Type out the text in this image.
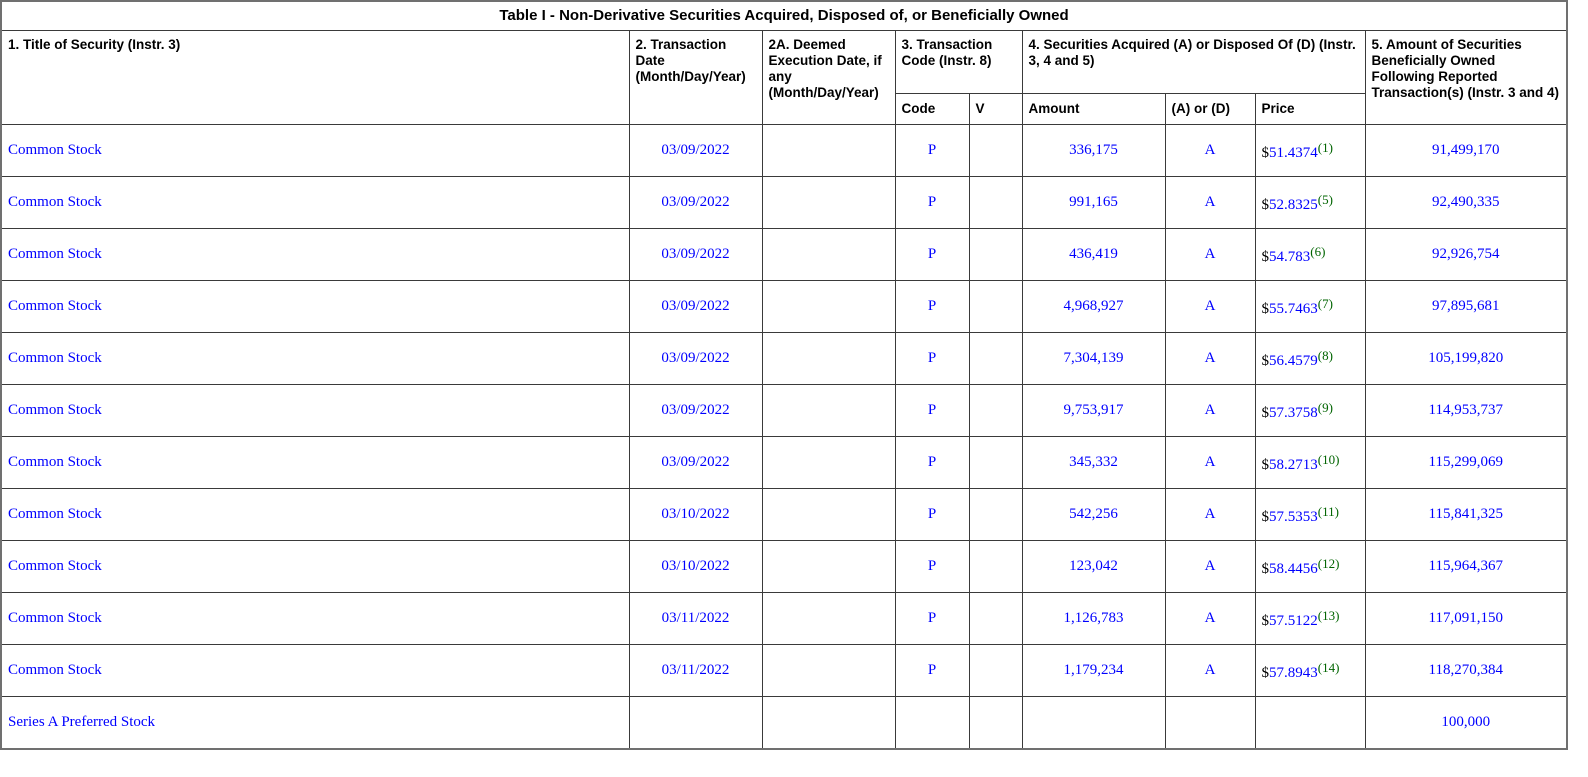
Table I - Non-Derivative Securities Acquired, Disposed of, or Beneficially Owned								
1. Title of Security (Instr. 3)	2. Transaction Date (Month/Day/Year)	2A. Deemed Execution Date, if any (Month/Day/Year)	3. Transaction Code (Instr. 8)		4. Securities Acquired (A) or Disposed Of (D) (Instr. 3, 4 and 5)			5. Amount of Securities Beneficially Owned Following Reported Transaction(s) (Instr. 3 and 4)
			Code	V	Amount	(A) or (D)	Price	
Common Stock	03/09/2022		P		336,175	A	$51.4374$^{(1)}$	91,499,170
Common Stock	03/09/2022		P		991,165	A	$52.8325$^{(5)}$	92,490,335
Common Stock	03/09/2022		P		436,419	A	$54.783$^{(6)}$	92,926,754
Common Stock	03/09/2022		P		4,968,927	A	$55.7463$^{(7)}$	97,895,681
Common Stock	03/09/2022		P		7,304,139	A	$56.4579$^{(8)}$	105,199,820
Common Stock	03/09/2022		P		9,753,917	A	$57.3758$^{(9)}$	114,953,737
Common Stock	03/09/2022		P		345,332	A	$58.2713$^{(10)}$	115,299,069
Common Stock	03/10/2022		P		542,256	A	$57.5353$^{(11)}$	115,841,325
Common Stock	03/10/2022		P		123,042	A	$58.4456$^{(12)}$	115,964,367
Common Stock	03/11/2022		P		1,126,783	A	$57.5122$^{(13)}$	117,091,150
Common Stock	03/11/2022		P		1,179,234	A	$57.8943$^{(14)}$	118,270,384
Series A Preferred Stock								100,000
